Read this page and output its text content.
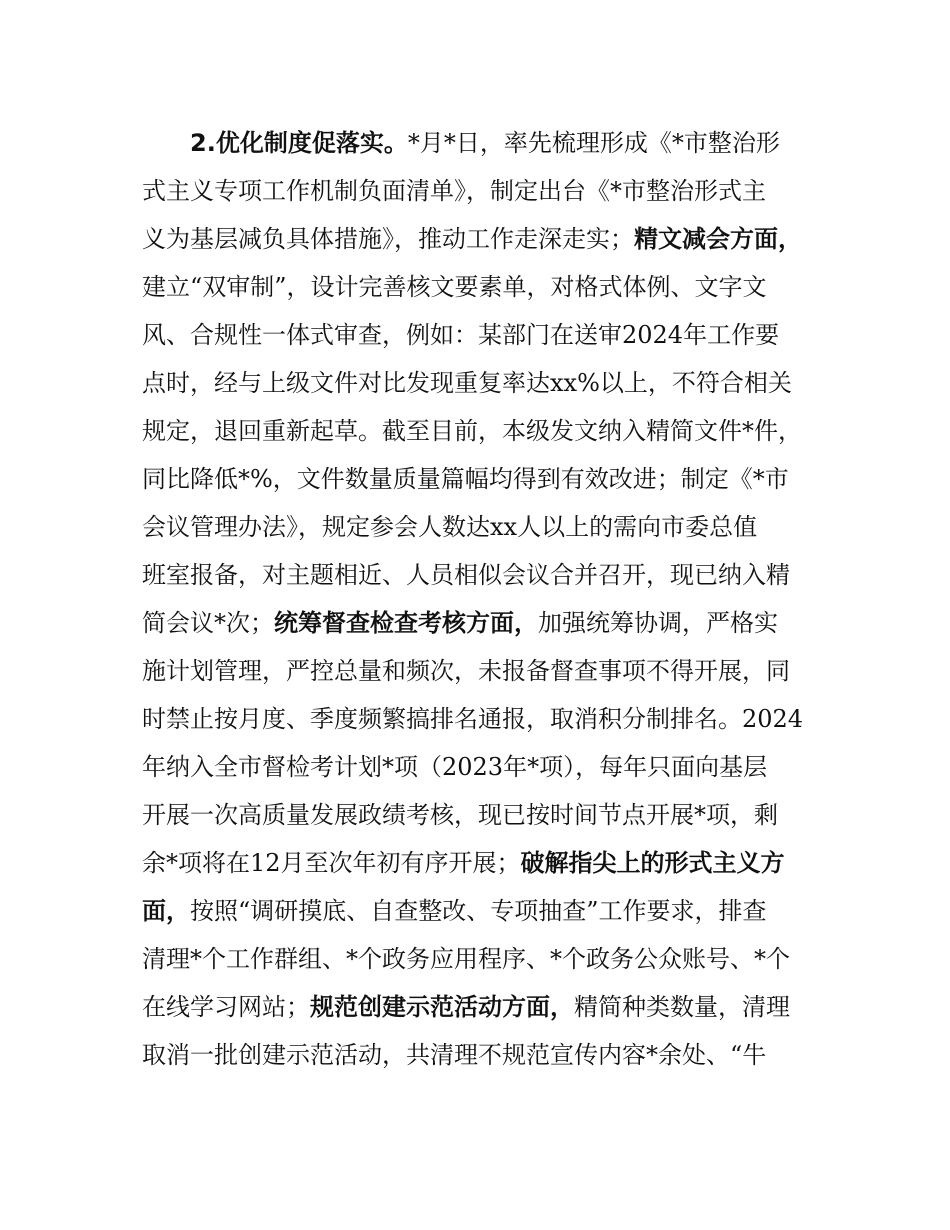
2.优化制度促落实。*月*日，率先梳理形成《*市整治形
式主义专项工作机制负面清单》，制定出台《*市整治形式主
义为基层减负具体措施》，推动工作走深走实；精文减会方面，
建立“双审制”，设计完善核文要素单，对格式体例、文字文
风、合规性一体式审查，例如：某部门在送审2024年工作要
点时，经与上级文件对比发现重复率达xx%以上，不符合相关
规定，退回重新起草。截至目前，本级发文纳入精简文件*件，
同比降低*%，文件数量质量篇幅均得到有效改进；制定《*市
会议管理办法》，规定参会人数达xx人以上的需向市委总值
班室报备，对主题相近、人员相似会议合并召开，现已纳入精
简会议*次；统筹督查检查考核方面，加强统筹协调，严格实
施计划管理，严控总量和频次，未报备督查事项不得开展，同
时禁止按月度、季度频繁搞排名通报，取消积分制排名。2024
年纳入全市督检考计划*项（2023年*项），每年只面向基层
开展一次高质量发展政绩考核，现已按时间节点开展*项，剩
余*项将在12月至次年初有序开展；破解指尖上的形式主义方
面，按照“调研摸底、自查整改、专项抽查”工作要求，排查
清理*个工作群组、*个政务应用程序、*个政务公众账号、*个
在线学习网站；规范创建示范活动方面，精简种类数量，清理
取消一批创建示范活动，共清理不规范宣传内容*余处、“牛
